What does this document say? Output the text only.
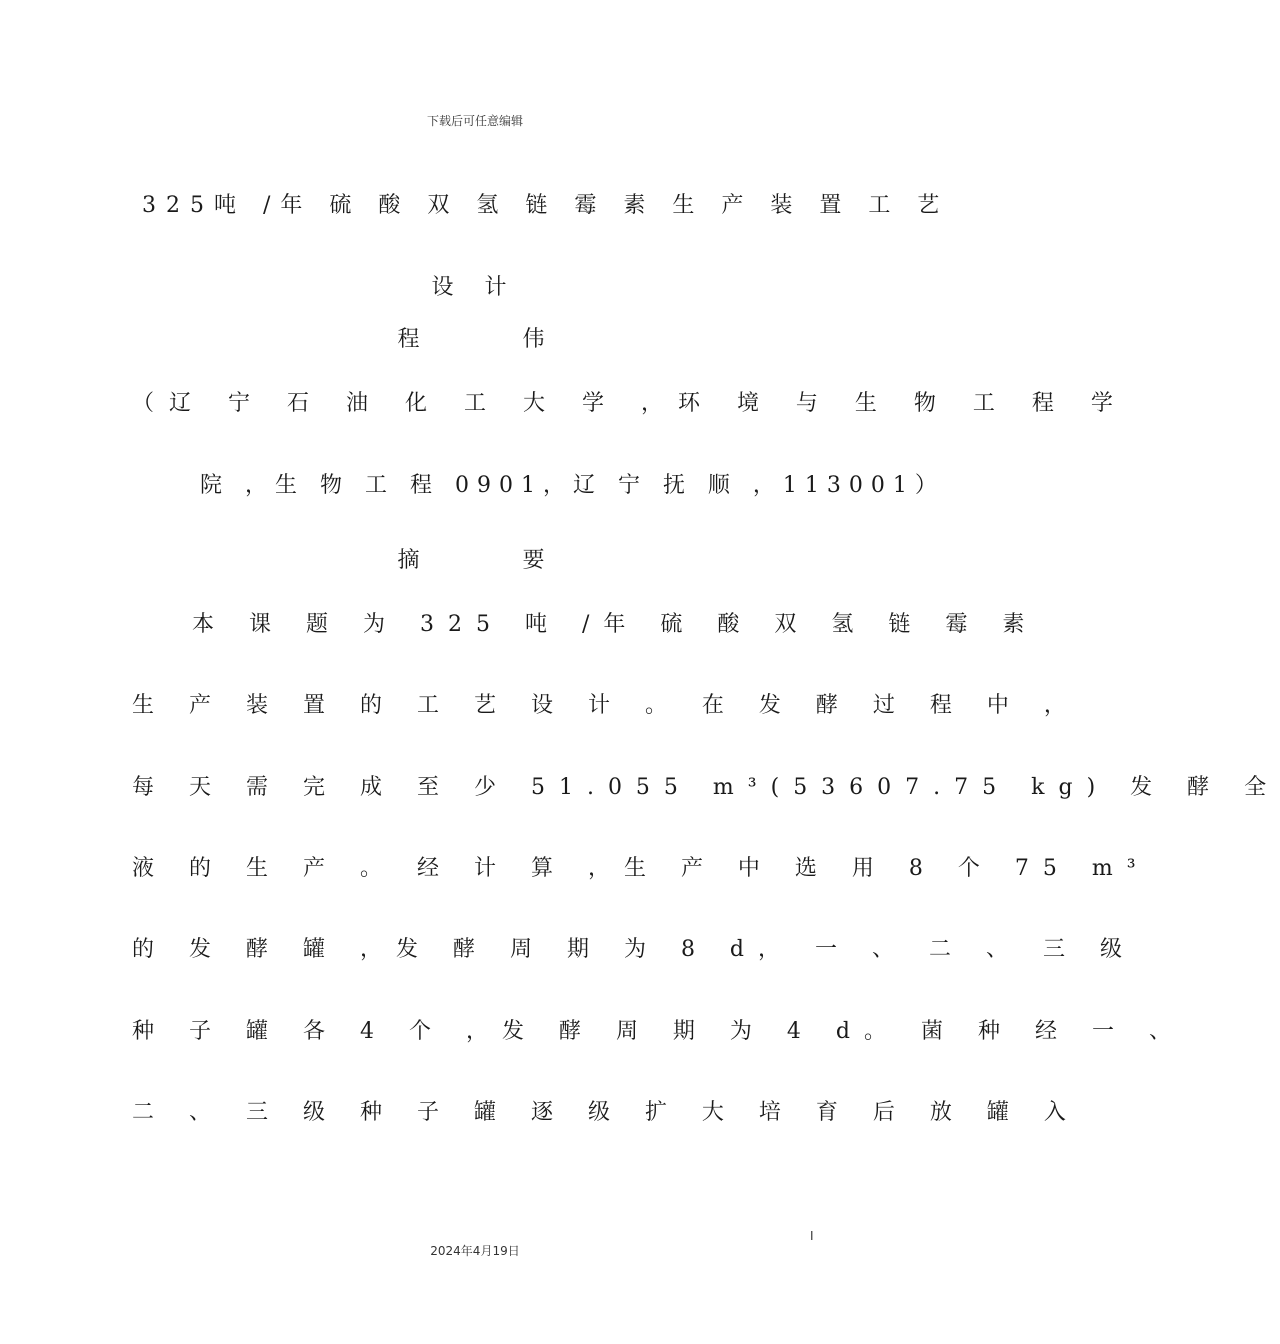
下载后可任意编辑
325吨 /年 硫 酸 双 氢 链 霉 素 生 产 装 置 工 艺
设 计
程 伟
（辽 宁 石 油 化 工 大 学 ，环 境 与 生 物 工 程 学
院 ，生 物 工 程 0901，辽 宁 抚 顺 ，113001）
摘 要
本 课 题 为 325 吨 /年 硫 酸 双 氢 链 霉 素
生 产 装 置 的 工 艺 设 计 。 在 发 酵 过 程 中 ，
每 天 需 完 成 至 少 51.055 m³(53607.75 kg) 发 酵 全
液 的 生 产 。 经 计 算 ，生 产 中 选 用 8 个 75 m³
的 发 酵 罐 ，发 酵 周 期 为 8 d， 一 、 二 、 三 级
种 子 罐 各 4 个 ，发 酵 周 期 为 4 d。 菌 种 经 一 、
二 、 三 级 种 子 罐 逐 级 扩 大 培 育 后 放 罐 入
I
2024年4月19日
